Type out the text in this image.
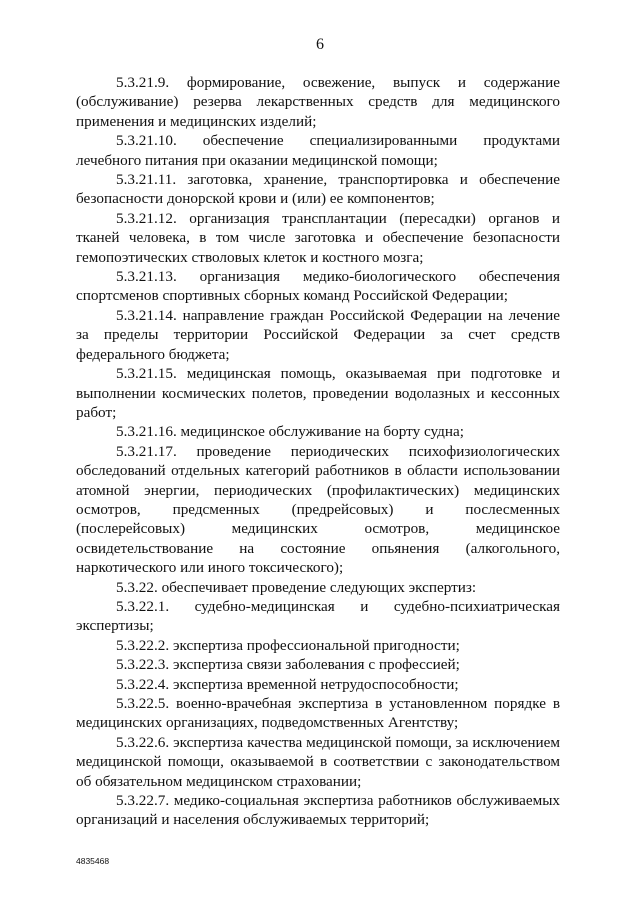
6

5.3.21.9. формирование, освежение, выпуск и содержание (обслуживание) резерва лекарственных средств для медицинского применения и медицинских изделий;

5.3.21.10. обеспечение специализированными продуктами лечебного питания при оказании медицинской помощи;

5.3.21.11. заготовка, хранение, транспортировка и обеспечение безопасности донорской крови и (или) ее компонентов;

5.3.21.12. организация трансплантации (пересадки) органов и тканей человека, в том числе заготовка и обеспечение безопасности гемопоэтических стволовых клеток и костного мозга;

5.3.21.13. организация медико-биологического обеспечения спортсменов спортивных сборных команд Российской Федерации;

5.3.21.14. направление граждан Российской Федерации на лечение за пределы территории Российской Федерации за счет средств федерального бюджета;

5.3.21.15. медицинская помощь, оказываемая при подготовке и выполнении космических полетов, проведении водолазных и кессонных работ;

5.3.21.16. медицинское обслуживание на борту судна;

5.3.21.17. проведение периодических психофизиологических обследований отдельных категорий работников в области использовании атомной энергии, периодических (профилактических) медицинских осмотров, предсменных (предрейсовых) и послесменных (послерейсовых) медицинских осмотров, медицинское освидетельствование на состояние опьянения (алкогольного, наркотического или иного токсического);

5.3.22. обеспечивает проведение следующих экспертиз:

5.3.22.1. судебно-медицинская и судебно-психиатрическая экспертизы;

5.3.22.2. экспертиза профессиональной пригодности;

5.3.22.3. экспертиза связи заболевания с профессией;

5.3.22.4. экспертиза временной нетрудоспособности;

5.3.22.5. военно-врачебная экспертиза в установленном порядке в медицинских организациях, подведомственных Агентству;

5.3.22.6. экспертиза качества медицинской помощи, за исключением медицинской помощи, оказываемой в соответствии с законодательством об обязательном медицинском страховании;

5.3.22.7. медико-социальная экспертиза работников обслуживаемых организаций и населения обслуживаемых территорий;

4835468
